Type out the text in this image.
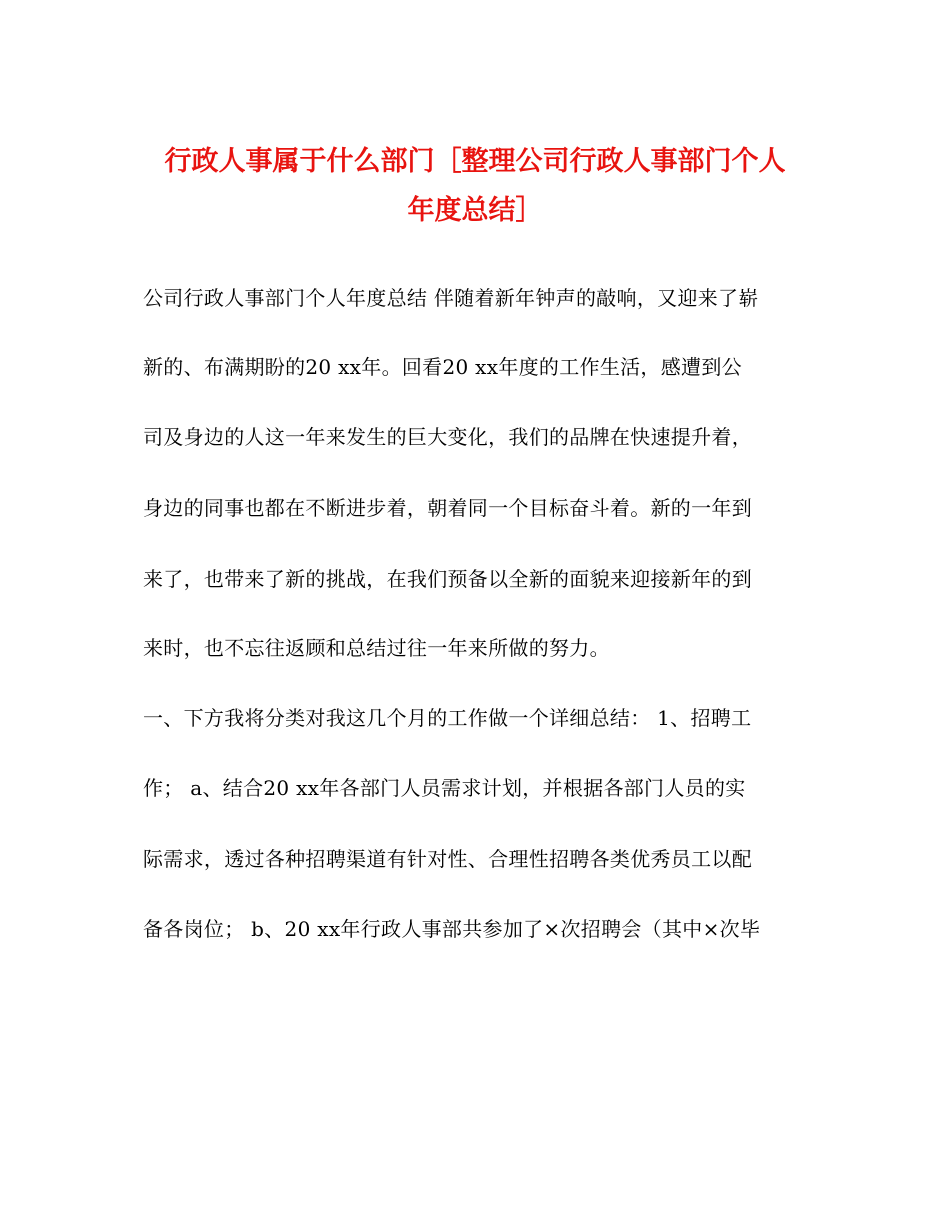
行政人事属于什么部门［整理公司行政人事部门个人
年度总结］
公司行政人事部门个人年度总结 伴随着新年钟声的敲响，又迎来了崭
新的、布满期盼的20 xx年。回看20 xx年度的工作生活，感遭到公
司及身边的人这一年来发生的巨大变化，我们的品牌在快速提升着，
身边的同事也都在不断进步着，朝着同一个目标奋斗着。新的一年到
来了，也带来了新的挑战，在我们预备以全新的面貌来迎接新年的到
来时，也不忘往返顾和总结过往一年来所做的努力。
一、下方我将分类对我这几个月的工作做一个详细总结： 1、招聘工
作； a、结合20 xx年各部门人员需求计划，并根据各部门人员的实
际需求，透过各种招聘渠道有针对性、合理性招聘各类优秀员工以配
备各岗位； b、20 xx年行政人事部共参加了×次招聘会（其中×次毕
